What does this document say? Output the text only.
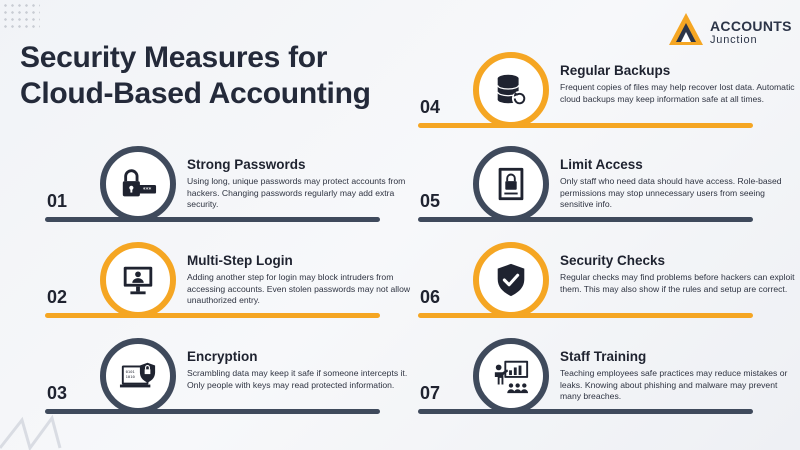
Security Measures for Cloud-Based Accounting
ACCOUNTS
Junction
***
01
Strong Passwords
Using long, unique passwords may protect accounts from hackers. Changing passwords regularly may add extra security.
02
Multi-Step Login
Adding another step for login may block intruders from accessing accounts. Even stolen passwords may not allow unauthorized entry.
0101
1010
03
Encryption
Scrambling data may keep it safe if someone intercepts it. Only people with keys may read protected information.
04
Regular Backups
Frequent copies of files may help recover lost data. Automatic cloud backups may keep information safe at all times.
05
Limit Access
Only staff who need data should have access. Role-based permissions may stop unnecessary users from seeing sensitive info.
06
Security Checks
Regular checks may find problems before hackers can exploit them. This may also show if the rules and setup are correct.
07
Staff Training
Teaching employees safe practices may reduce mistakes or leaks. Knowing about phishing and malware may prevent many breaches.
